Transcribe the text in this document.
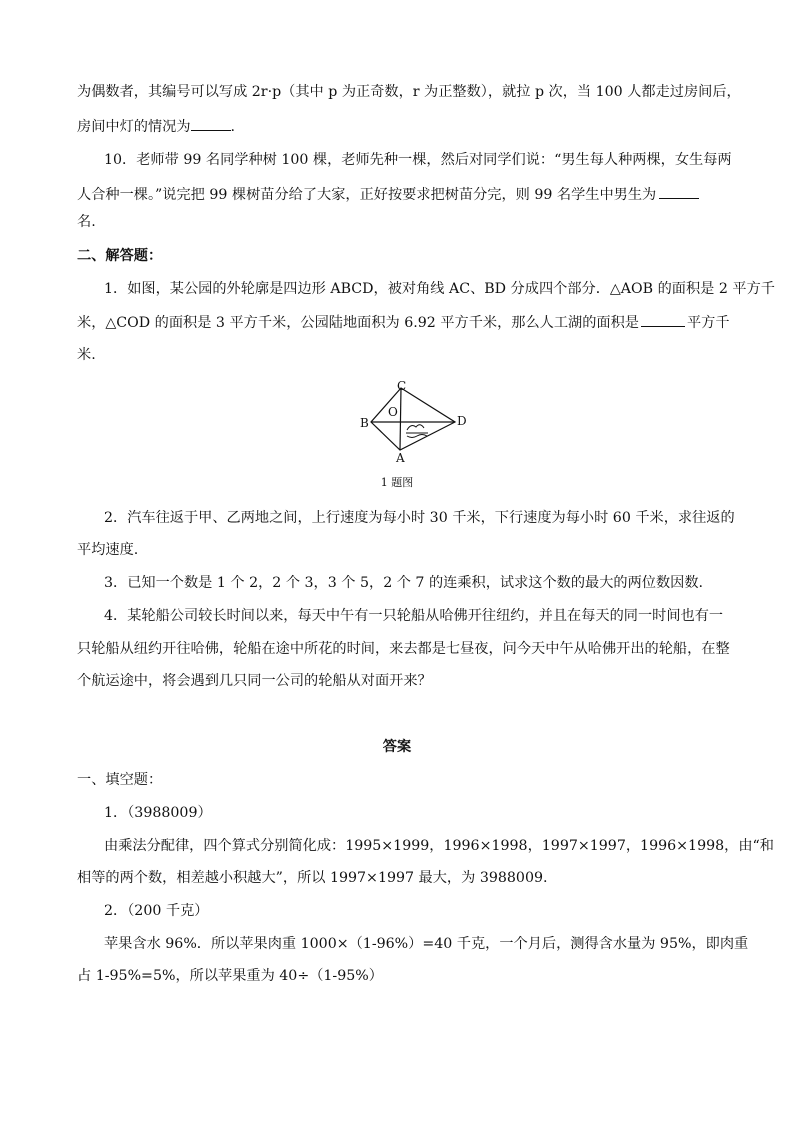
为偶数者，其编号可以写成 2r·p（其中 p 为正奇数，r 为正整数），就拉 p 次，当 100 人都走过房间后，
房间中灯的情况为	.
10．老师带 99 名同学种树 100 棵，老师先种一棵，然后对同学们说：“男生每人种两棵，女生每两
人合种一棵。”说完把 99 棵树苗分给了大家，正好按要求把树苗分完，则 99 名学生中男生为
名.
二、解答题：
1．如图，某公园的外轮廓是四边形 ABCD，被对角线 AC、BD 分成四个部分．△AOB 的面积是 2 平方千
米，△COD 的面积是 3 平方千米，公园陆地面积为 6.92 平方千米，那么人工湖的面积是	平方千
米.
C
B
O
D
A
1 题图
2．汽车往返于甲、乙两地之间，上行速度为每小时 30 千米，下行速度为每小时 60 千米，求往返的
平均速度.
3．已知一个数是 1 个 2，2 个 3，3 个 5，2 个 7 的连乘积，试求这个数的最大的两位数因数.
4．某轮船公司较长时间以来，每天中午有一只轮船从哈佛开往纽约，并且在每天的同一时间也有一
只轮船从纽约开往哈佛，轮船在途中所花的时间，来去都是七昼夜，问今天中午从哈佛开出的轮船，在整
个航运途中，将会遇到几只同一公司的轮船从对面开来？
答案
一、填空题：
1．（3988009）
由乘法分配律，四个算式分别简化成：1995×1999，1996×1998，1997×1997，1996×1998，由“和
相等的两个数，相差越小积越大”，所以 1997×1997 最大，为 3988009.
2．（200 千克）
苹果含水 96%．所以苹果肉重 1000×（1-96%）=40 千克，一个月后，测得含水量为 95%，即肉重
占 1-95%=5%，所以苹果重为 40÷（1-95%）
